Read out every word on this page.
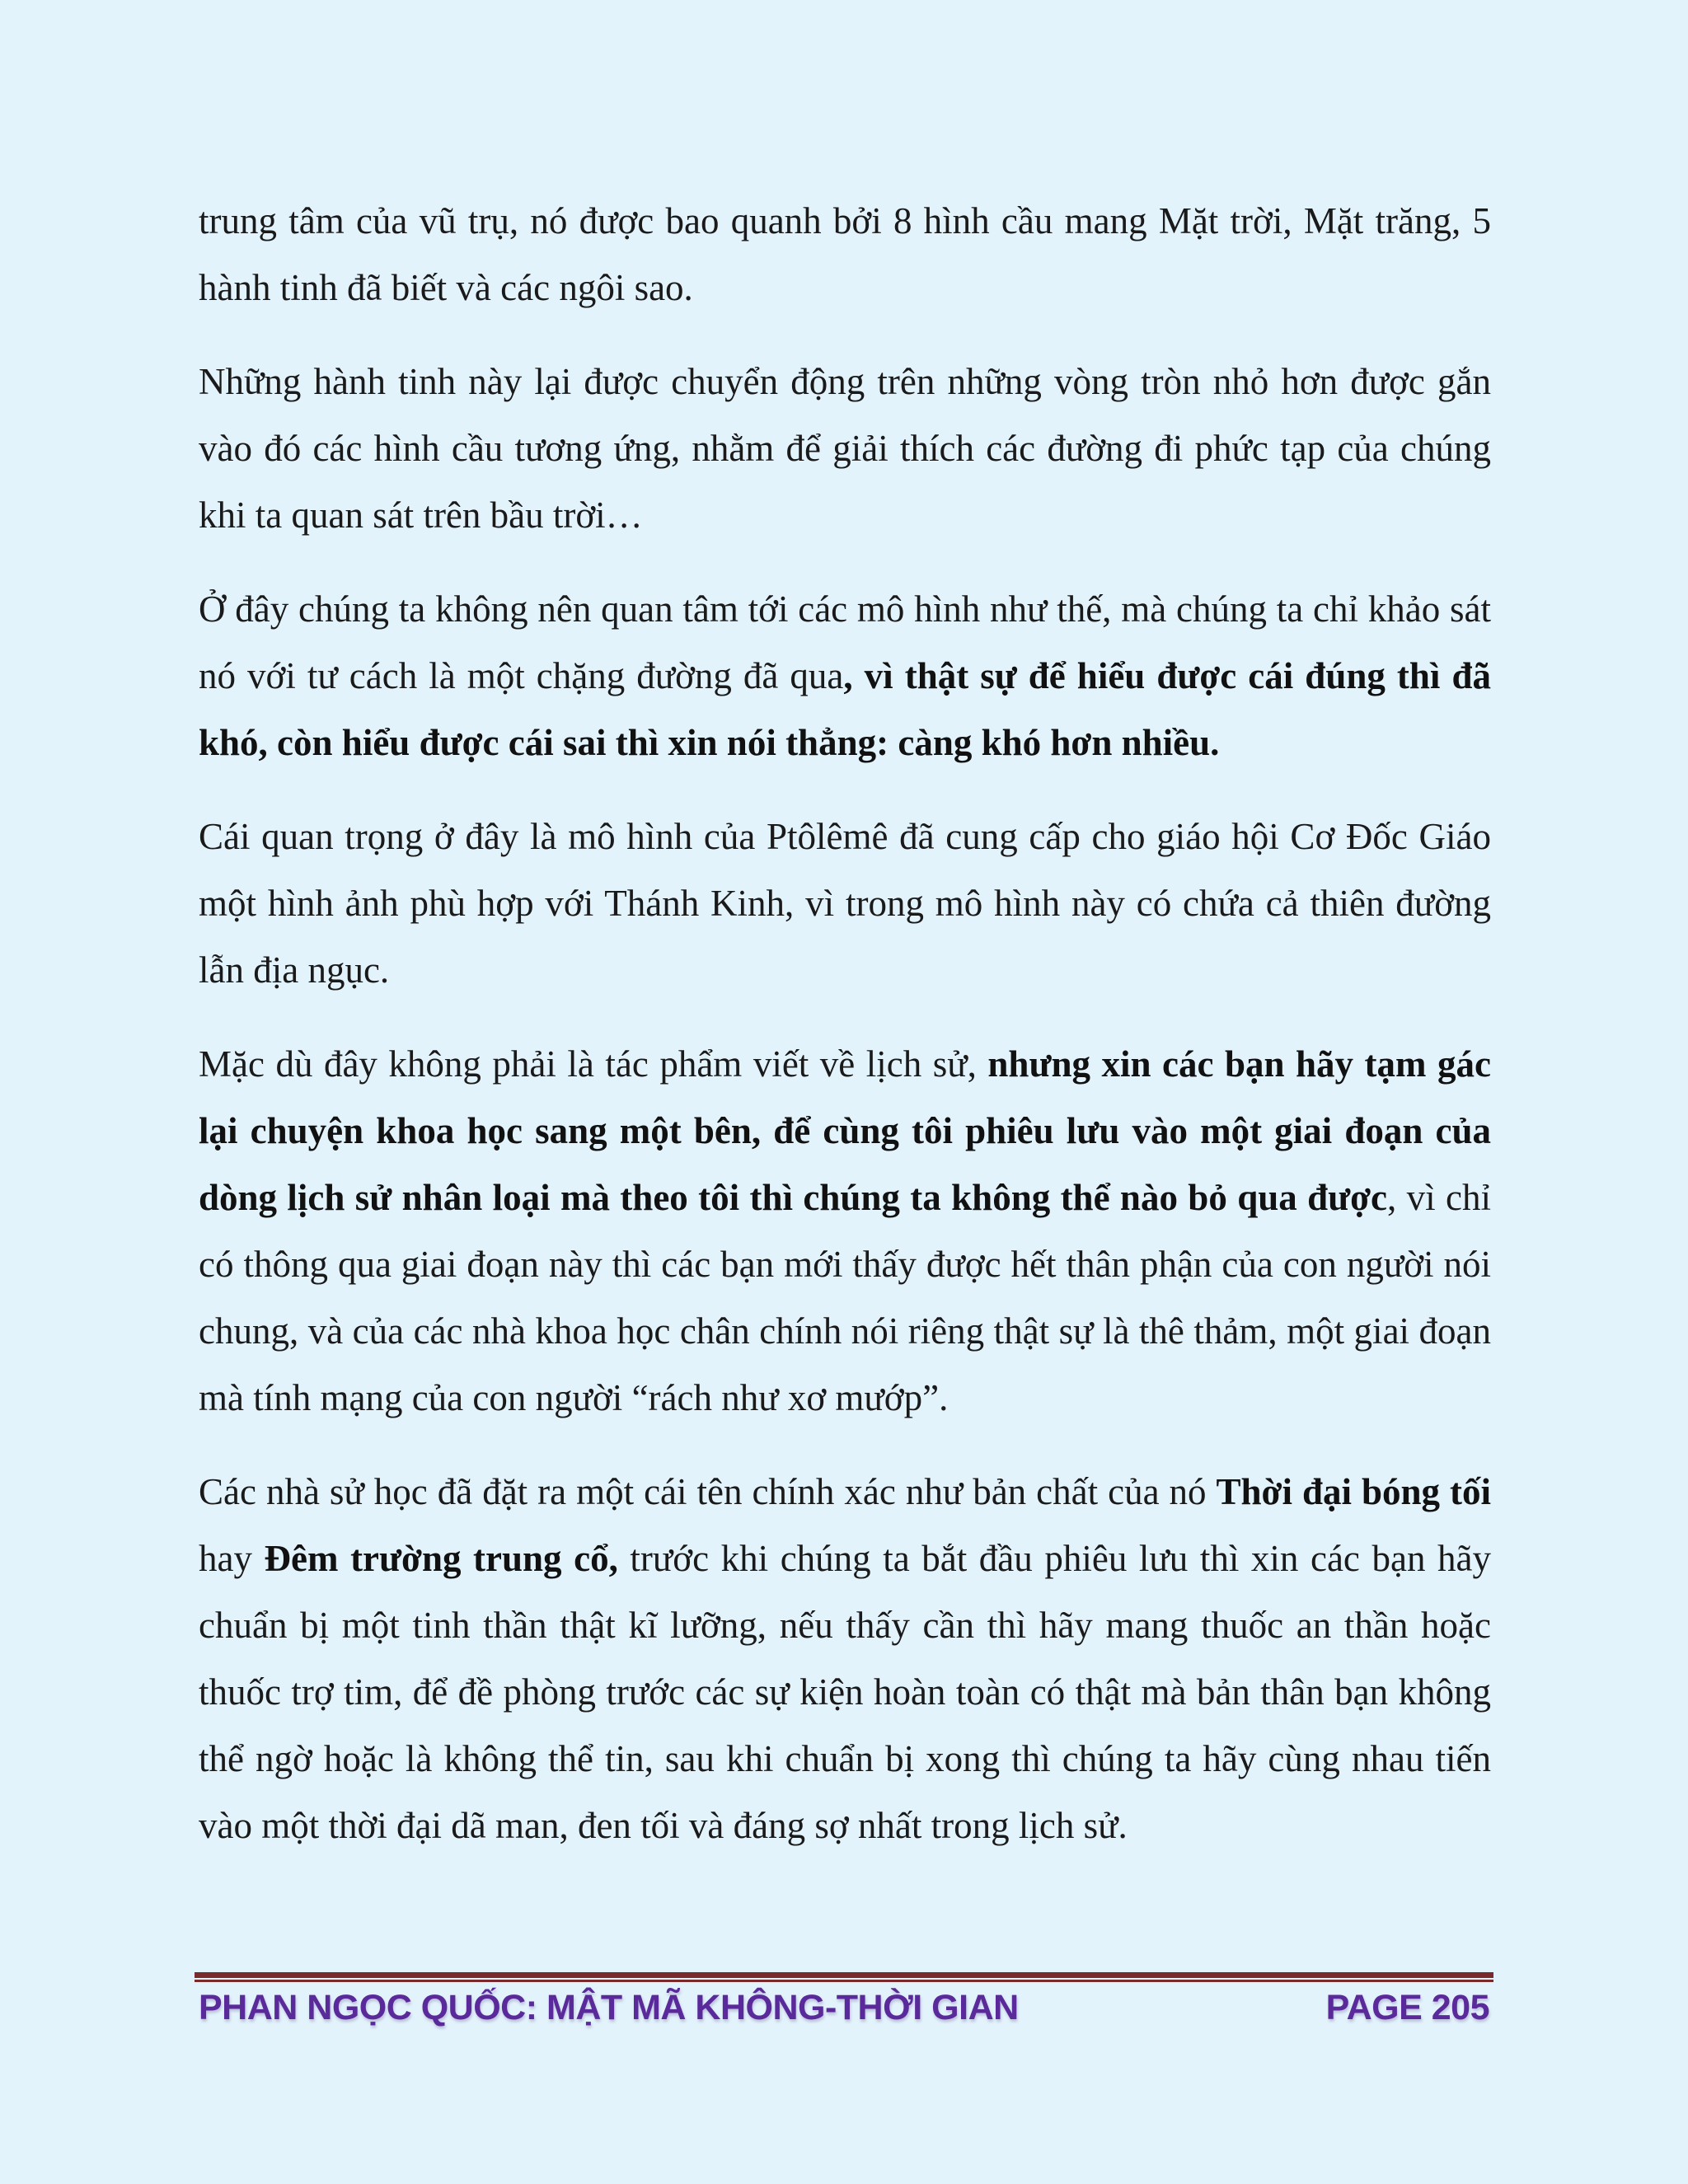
trung tâm của vũ trụ, nó được bao quanh bởi 8 hình cầu mang Mặt trời, Mặt trăng, 5 hành tinh đã biết và các ngôi sao.

Những hành tinh này lại được chuyển động trên những vòng tròn nhỏ hơn được gắn vào đó các hình cầu tương ứng, nhằm để giải thích các đường đi phức tạp của chúng khi ta quan sát trên bầu trời…

Ở đây chúng ta không nên quan tâm tới các mô hình như thế, mà chúng ta chỉ khảo sát nó với tư cách là một chặng đường đã qua, vì thật sự để hiểu được cái đúng thì đã khó, còn hiểu được cái sai thì xin nói thẳng: càng khó hơn nhiều.

Cái quan trọng ở đây là mô hình của Ptôlêmê đã cung cấp cho giáo hội Cơ Đốc Giáo một hình ảnh phù hợp với Thánh Kinh, vì trong mô hình này có chứa cả thiên đường lẫn địa ngục.

Mặc dù đây không phải là tác phẩm viết về lịch sử, nhưng xin các bạn hãy tạm gác lại chuyện khoa học sang một bên, để cùng tôi phiêu lưu vào một giai đoạn của dòng lịch sử nhân loại mà theo tôi thì chúng ta không thể nào bỏ qua được, vì chỉ có thông qua giai đoạn này thì các bạn mới thấy được hết thân phận của con người nói chung, và của các nhà khoa học chân chính nói riêng thật sự là thê thảm, một giai đoạn mà tính mạng của con người “rách như xơ mướp”.

Các nhà sử học đã đặt ra một cái tên chính xác như bản chất của nó Thời đại bóng tối hay Đêm trường trung cổ, trước khi chúng ta bắt đầu phiêu lưu thì xin các bạn hãy chuẩn bị một tinh thần thật kĩ lưỡng, nếu thấy cần thì hãy mang thuốc an thần hoặc thuốc trợ tim, để đề phòng trước các sự kiện hoàn toàn có thật mà bản thân bạn không thể ngờ hoặc là không thể tin, sau khi chuẩn bị xong thì chúng ta hãy cùng nhau tiến vào một thời đại dã man, đen tối và đáng sợ nhất trong lịch sử.

PHAN NGỌC QUỐC: MẬT MÃ KHÔNG-THỜI GIAN	PAGE 205
